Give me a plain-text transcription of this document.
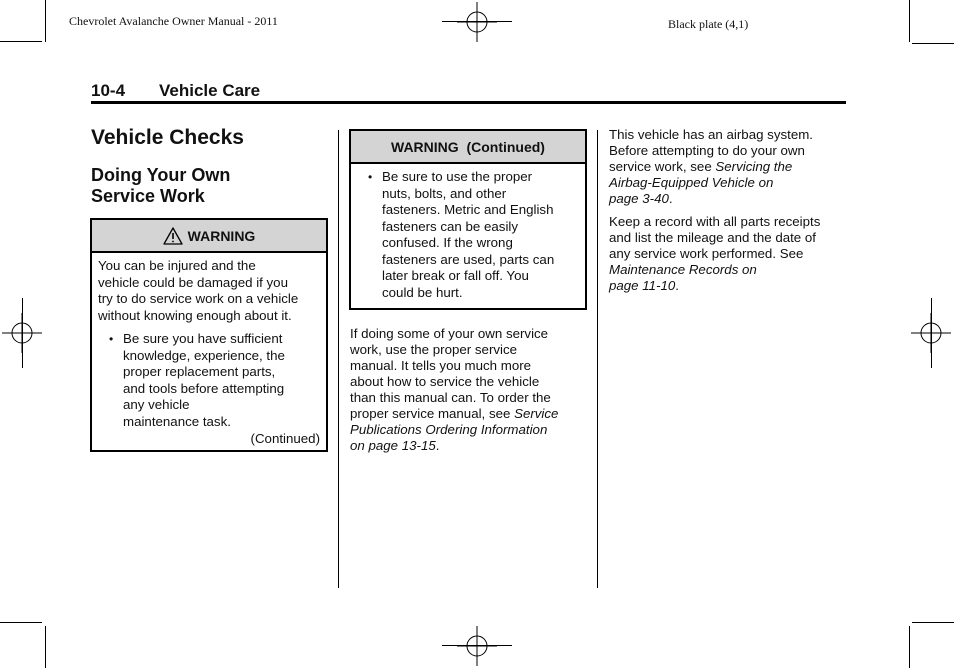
Chevrolet Avalanche Owner Manual - 2011	Black plate (4,1)
10-4 Vehicle Care
Vehicle Checks
Doing Your Own
Service Work
WARNING
You can be injured and the
vehicle could be damaged if you
try to do service work on a vehicle
without knowing enough about it.
• Be sure you have sufficient
knowledge, experience, the
proper replacement parts,
and tools before attempting
any vehicle
maintenance task.
(Continued)
WARNING  (Continued)
• Be sure to use the proper
nuts, bolts, and other
fasteners. Metric and English
fasteners can be easily
confused. If the wrong
fasteners are used, parts can
later break or fall off. You
could be hurt.
If doing some of your own service
work, use the proper service
manual. It tells you much more
about how to service the vehicle
than this manual can. To order the
proper service manual, see Service
Publications Ordering Information
on page 13-15.
This vehicle has an airbag system.
Before attempting to do your own
service work, see Servicing the
Airbag-Equipped Vehicle on
page 3-40.
Keep a record with all parts receipts
and list the mileage and the date of
any service work performed. See
Maintenance Records on
page 11-10.
